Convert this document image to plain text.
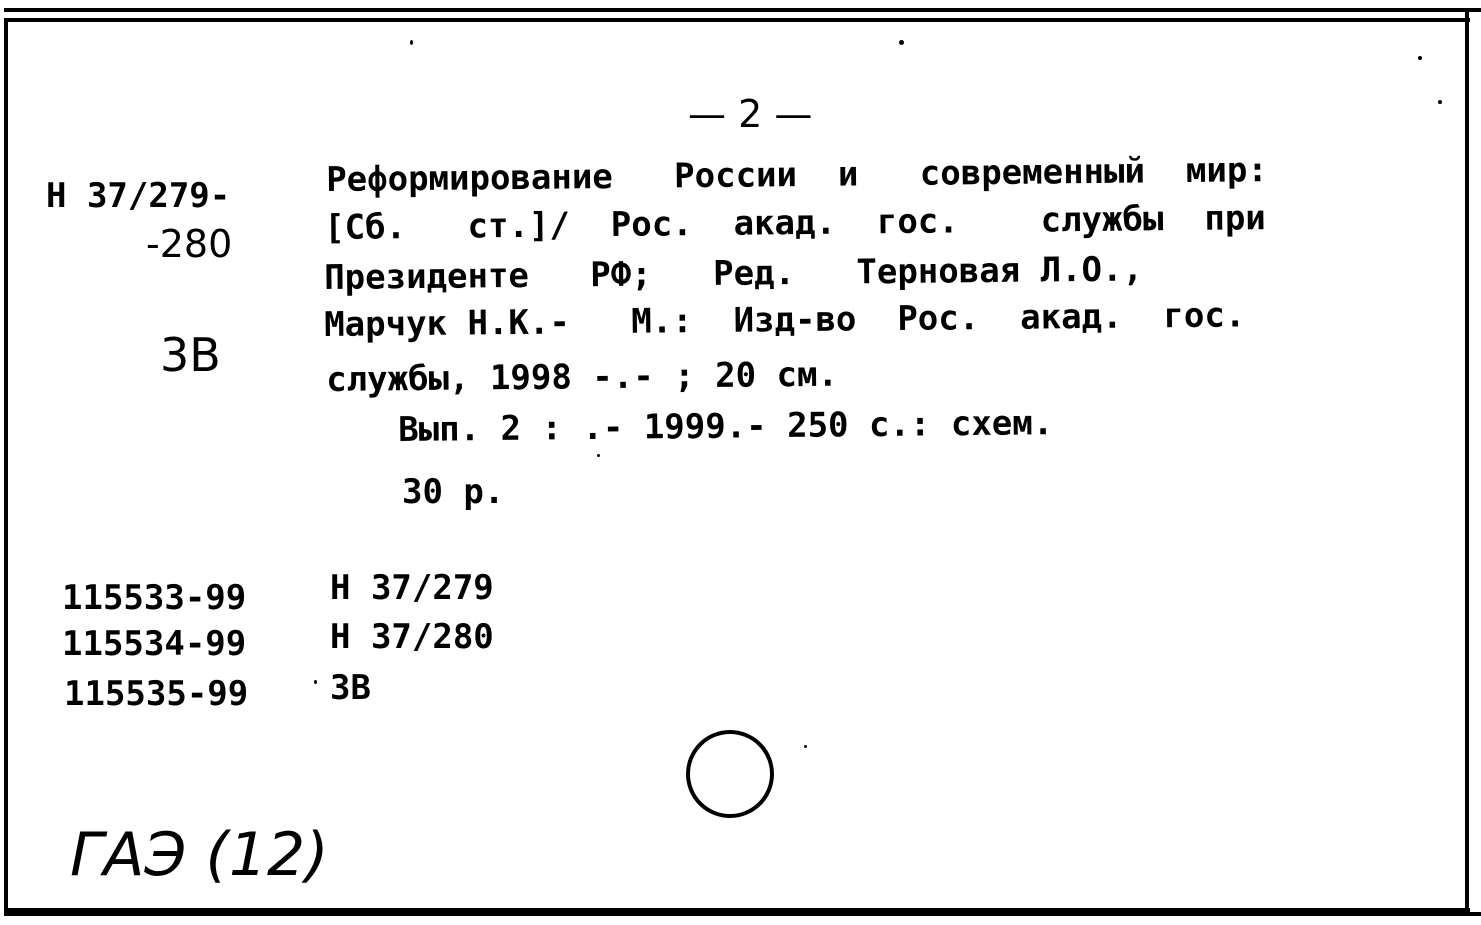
— 2 —
Н 37/279-
-280
3В
Реформирование   России  и   современный  мир:
[Сб.   ст.]/  Рос.  акад.  гос.    службы  при
Президенте   РФ;   Ред.   Терновая Л.О.,
Марчук Н.К.-   М.:  Изд-во  Рос.  акад.  гос.
службы, 1998 -.- ; 20 см.
Вып. 2 : .- 1999.- 250 с.: схем.
30 р.
115533-99 Н 37/279
115534-99 Н 37/280
115535-99 3В
ГАЭ (12)
